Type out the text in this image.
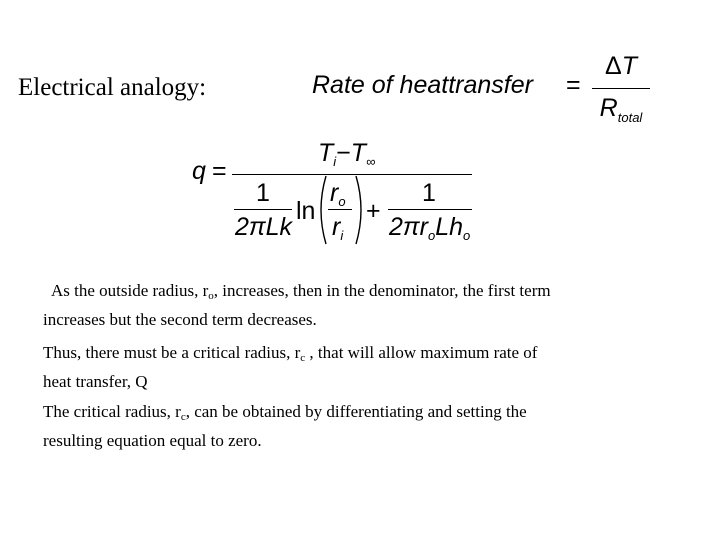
Electrical analogy:	Rate of heattransfer =
ΔT
$R_{total}$
q =
$T_i-T_\infty$
1
2πLk
ln
$r_o$
$r_i$
+
1
$2\pi r_oLh_o$
As the outside radius, ro, increases, then in the denominator, the first term
increases but the second term decreases.
Thus, there must be a critical radius, rc , that will allow maximum rate of
heat transfer, Q
The critical radius, rc, can be obtained by differentiating and setting the
resulting equation equal to zero.
